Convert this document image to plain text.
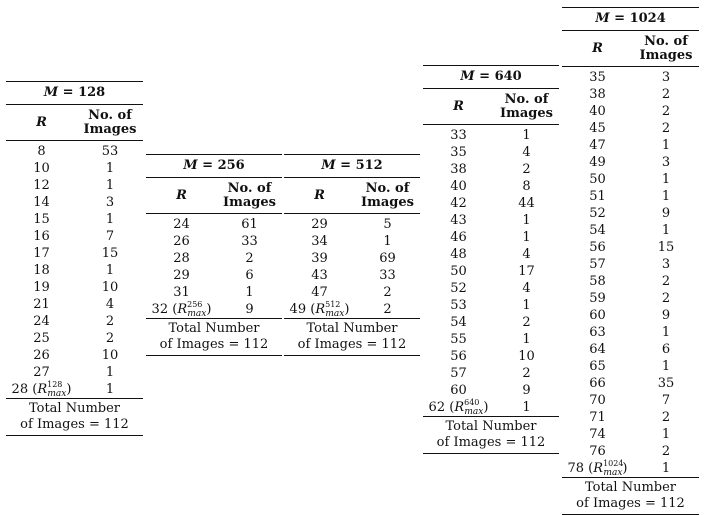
M = 128
R	No. of
Images
8	53
10	1
12	1
14	3
15	1
16	7
17	15
18	1
19	10
21	4
24	2
25	2
26	10
27	1
28 $(R^{128}_{max})$	1
Total Number
of Images = 112
M = 256
R	No. of
Images
24	61
26	33
28	2
29	6
31	1
32 $(R^{256}_{max})$	9
Total Number
of Images = 112
M = 512
R	No. of
Images
29	5
34	1
39	69
43	33
47	2
49 $(R^{512}_{max})$	2
Total Number
of Images = 112
M = 640
R	No. of
Images
33	1
35	4
38	2
40	8
42	44
43	1
46	1
48	4
50	17
52	4
53	1
54	2
55	1
56	10
57	2
60	9
62 $(R^{640}_{max})$	1
Total Number
of Images = 112
M = 1024
R	No. of
Images
35	3
38	2
40	2
45	2
47	1
49	3
50	1
51	1
52	9
54	1
56	15
57	3
58	2
59	2
60	9
63	1
64	6
65	1
66	35
70	7
71	2
74	1
76	2
78 $(R^{1024}_{max})$	1
Total Number
of Images = 112
